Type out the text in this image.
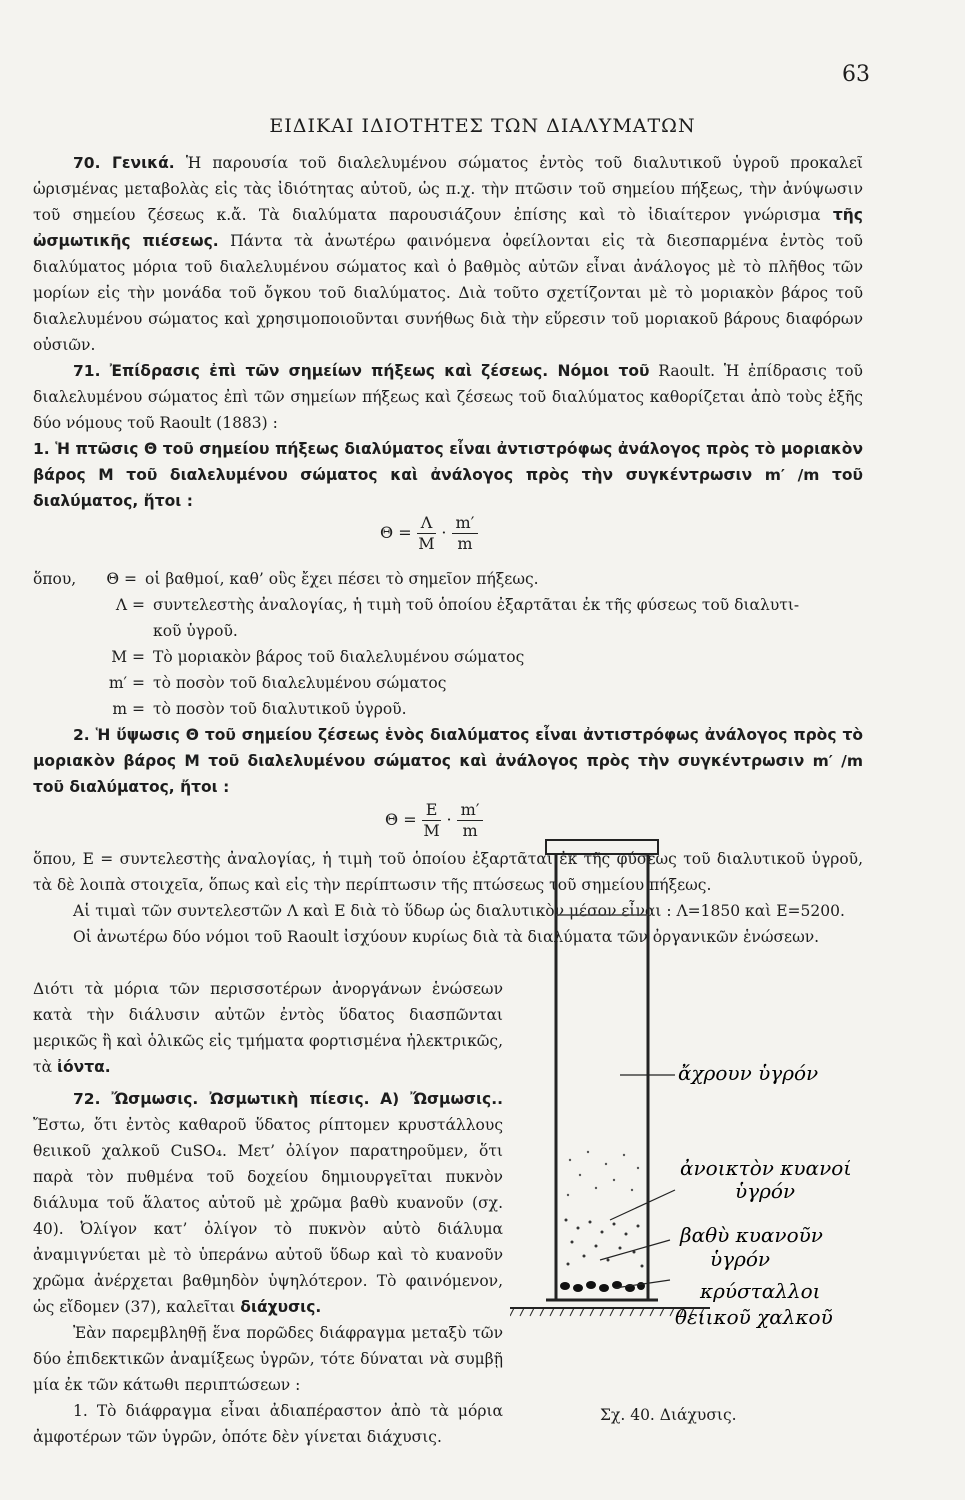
63
ΕΙΔΙΚΑΙ ΙΔΙΟΤΗΤΕΣ ΤΩΝ ΔΙΑΛΥΜΑΤΩΝ

70. Γενικά. Ἡ παρουσία τοῦ διαλελυμένου σώματος ἐντὸς τοῦ διαλυτικοῦ ὑγροῦ προκαλεῖ ὡρισμένας μεταβολὰς εἰς τὰς ἰδιότητας αὐτοῦ, ὡς π.χ. τὴν πτῶσιν τοῦ σημείου πήξεως, τὴν ἀνύψωσιν τοῦ σημείου ζέσεως κ.ἄ. Τὰ διαλύματα παρουσιάζουν ἐπίσης καὶ τὸ ἰδιαίτερον γνώρισμα τῆς ὠσμωτικῆς πιέσεως. Πάντα τὰ ἀνωτέρω φαινόμενα ὀφείλονται εἰς τὰ διεσπαρμένα ἐντὸς τοῦ διαλύματος μόρια τοῦ διαλελυμένου σώματος καὶ ὁ βαθμὸς αὐτῶν εἶναι ἀνάλογος μὲ τὸ πλῆθος τῶν μορίων εἰς τὴν μονάδα τοῦ ὄγκου τοῦ διαλύματος. Διὰ τοῦτο σχετίζονται μὲ τὸ μοριακὸν βάρος τοῦ διαλελυμένου σώματος καὶ χρησιμοποιοῦνται συνήθως διὰ τὴν εὕρεσιν τοῦ μοριακοῦ βάρους διαφόρων οὐσιῶν.

71. Ἐπίδρασις ἐπὶ τῶν σημείων πήξεως καὶ ζέσεως. Νόμοι τοῦ Raoult. Ἡ ἐπίδρασις τοῦ διαλελυμένου σώματος ἐπὶ τῶν σημείων πήξεως καὶ ζέσεως τοῦ διαλύματος καθορίζεται ἀπὸ τοὺς ἑξῆς δύο νόμους τοῦ Raoult (1883) :

1. Ἡ πτῶσις Θ τοῦ σημείου πήξεως διαλύματος εἶναι ἀντιστρόφως ἀνάλογος πρὸς τὸ μοριακὸν βάρος Μ τοῦ διαλελυμένου σώματος καὶ ἀνάλογος πρὸς τὴν συγκέντρωσιν m′ /m τοῦ διαλύματος, ἤτοι :

$\Theta = \frac{\Lambda}{M} \cdot \frac{m'}{m}$
ὅπου,	Θ = οἱ βαθμοί, καθ’ οὓς ἔχει πέσει τὸ σημεῖον πήξεως.
Λ = συντελεστὴς ἀναλογίας, ἡ τιμὴ τοῦ ὁποίου ἐξαρτᾶται ἐκ τῆς φύσεως τοῦ διαλυτι-
κοῦ ὑγροῦ.
Μ = Τὸ μοριακὸν βάρος τοῦ διαλελυμένου σώματος
m′ = τὸ ποσὸν τοῦ διαλελυμένου σώματος
m = τὸ ποσὸν τοῦ διαλυτικοῦ ὑγροῦ.

2. Ἡ ὕψωσις Θ τοῦ σημείου ζέσεως ἑνὸς διαλύματος εἶναι ἀντιστρόφως ἀνάλογος πρὸς τὸ μοριακὸν βάρος Μ τοῦ διαλελυμένου σώματος καὶ ἀνάλογος πρὸς τὴν συγκέντρωσιν m′ /m τοῦ διαλύματος, ἤτοι :

$\Theta = \frac{E}{M} \cdot \frac{m'}{m}$

ὅπου, Ε = συντελεστὴς ἀναλογίας, ἡ τιμὴ τοῦ ὁποίου ἐξαρτᾶται ἐκ τῆς φύσεως τοῦ διαλυτικοῦ ὑγροῦ, τὰ δὲ λοιπὰ στοιχεῖα, ὅπως καὶ εἰς τὴν περίπτωσιν τῆς πτώσεως τοῦ σημείου πήξεως.

Αἱ τιμαὶ τῶν συντελεστῶν Λ καὶ Ε διὰ τὸ ὕδωρ ὡς διαλυτικὸν μέσον εἶναι : Λ=1850 καὶ Ε=5200.

Οἱ ἀνωτέρω δύο νόμοι τοῦ Raoult ἰσχύουν κυρίως διὰ τὰ διαλύματα τῶν ὀργανικῶν ἑνώσεων.

Διότι τὰ μόρια τῶν περισσοτέρων ἀνοργάνων ἑνώσεων κατὰ τὴν διάλυσιν αὐτῶν ἐντὸς ὕδατος διασπῶνται μερικῶς ἢ καὶ ὁλικῶς εἰς τμήματα φορτισμένα ἠλεκτρικῶς, τὰ ἰόντα.

72. Ὤσμωσις. Ὠσμωτικὴ πίεσις. Α) Ὤσμωσις.. Ἔστω, ὅτι ἐντὸς καθαροῦ ὕδατος ρίπτομεν κρυστάλλους θειικοῦ χαλκοῦ CuSO₄. Μετ’ ὀλίγον παρατηροῦμεν, ὅτι παρὰ τὸν πυθμένα τοῦ δοχείου δημιουργεῖται πυκνὸν διάλυμα τοῦ ἅλατος αὐτοῦ μὲ χρῶμα βαθὺ κυανοῦν (σχ. 40). Ὀλίγον κατ’ ὀλίγον τὸ πυκνὸν αὐτὸ διάλυμα ἀναμιγνύεται μὲ τὸ ὑπεράνω αὐτοῦ ὕδωρ καὶ τὸ κυανοῦν χρῶμα ἀνέρχεται βαθμηδὸν ὑψηλότερον. Τὸ φαινόμενον, ὡς εἴδομεν (37), καλεῖται διάχυσις.

Ἐὰν παρεμβληθῇ ἕνα πορῶδες διάφραγμα μεταξὺ τῶν δύο ἐπιδεκτικῶν ἀναμίξεως ὑγρῶν, τότε δύναται νὰ συμβῇ μία ἐκ τῶν κάτωθι περιπτώσεων :

1. Τὸ διάφραγμα εἶναι ἀδιαπέραστον ἀπὸ τὰ μόρια ἀμφοτέρων τῶν ὑγρῶν, ὁπότε δὲν γίνεται διάχυσις.

ἄχρουν ὑγρόν
ἀνοικτὸν κυανοῦν
ὑγρόν
βαθὺ κυανοῦν
ὑγρόν
κρύσταλλοι
θειικοῦ χαλκοῦ
Σχ. 40. Διάχυσις.
